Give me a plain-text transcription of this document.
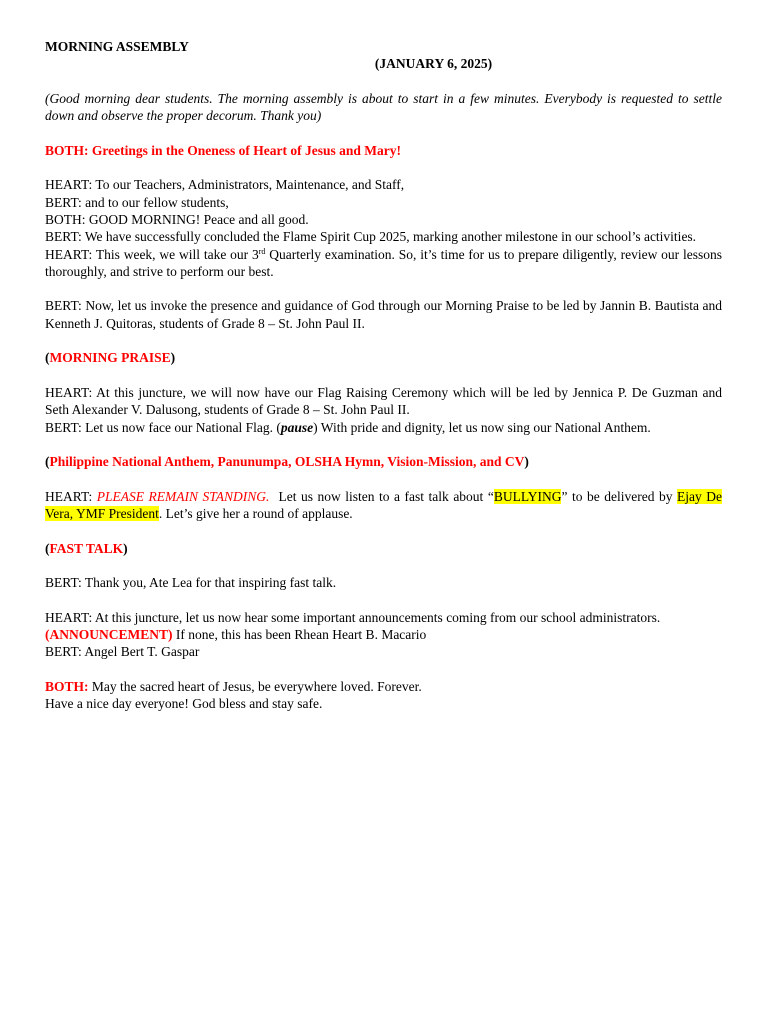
MORNING ASSEMBLY

(JANUARY 6, 2025)

(Good morning dear students. The morning assembly is about to start in a few minutes. Everybody is requested to settle down and observe the proper decorum. Thank you)

BOTH: Greetings in the Oneness of Heart of Jesus and Mary!

HEART: To our Teachers, Administrators, Maintenance, and Staff,

BERT: and to our fellow students,

BOTH: GOOD MORNING! Peace and all good.

BERT: We have successfully concluded the Flame Spirit Cup 2025, marking another milestone in our school’s activities.

HEART: This week, we will take our 3rd Quarterly examination. So, it’s time for us to prepare diligently, review our lessons thoroughly, and strive to perform our best.

BERT: Now, let us invoke the presence and guidance of God through our Morning Praise to be led by Jannin B. Bautista and Kenneth J. Quitoras, students of Grade 8 – St. John Paul II.

(MORNING PRAISE)

HEART: At this juncture, we will now have our Flag Raising Ceremony which will be led by Jennica P. De Guzman and Seth Alexander V. Dalusong, students of Grade 8 – St. John Paul II.

BERT: Let us now face our National Flag. (pause) With pride and dignity, let us now sing our National Anthem.

(Philippine National Anthem, Panunumpa, OLSHA Hymn, Vision-Mission, and CV)

HEART: PLEASE REMAIN STANDING.  Let us now listen to a fast talk about “BULLYING” to be delivered by Ejay De Vera, YMF President. Let’s give her a round of applause.

(FAST TALK)

BERT: Thank you, Ate Lea for that inspiring fast talk.

HEART: At this juncture, let us now hear some important announcements coming from our school administrators.

(ANNOUNCEMENT) If none, this has been Rhean Heart B. Macario

BERT: Angel Bert T. Gaspar

BOTH: May the sacred heart of Jesus, be everywhere loved. Forever.

Have a nice day everyone! God bless and stay safe.
